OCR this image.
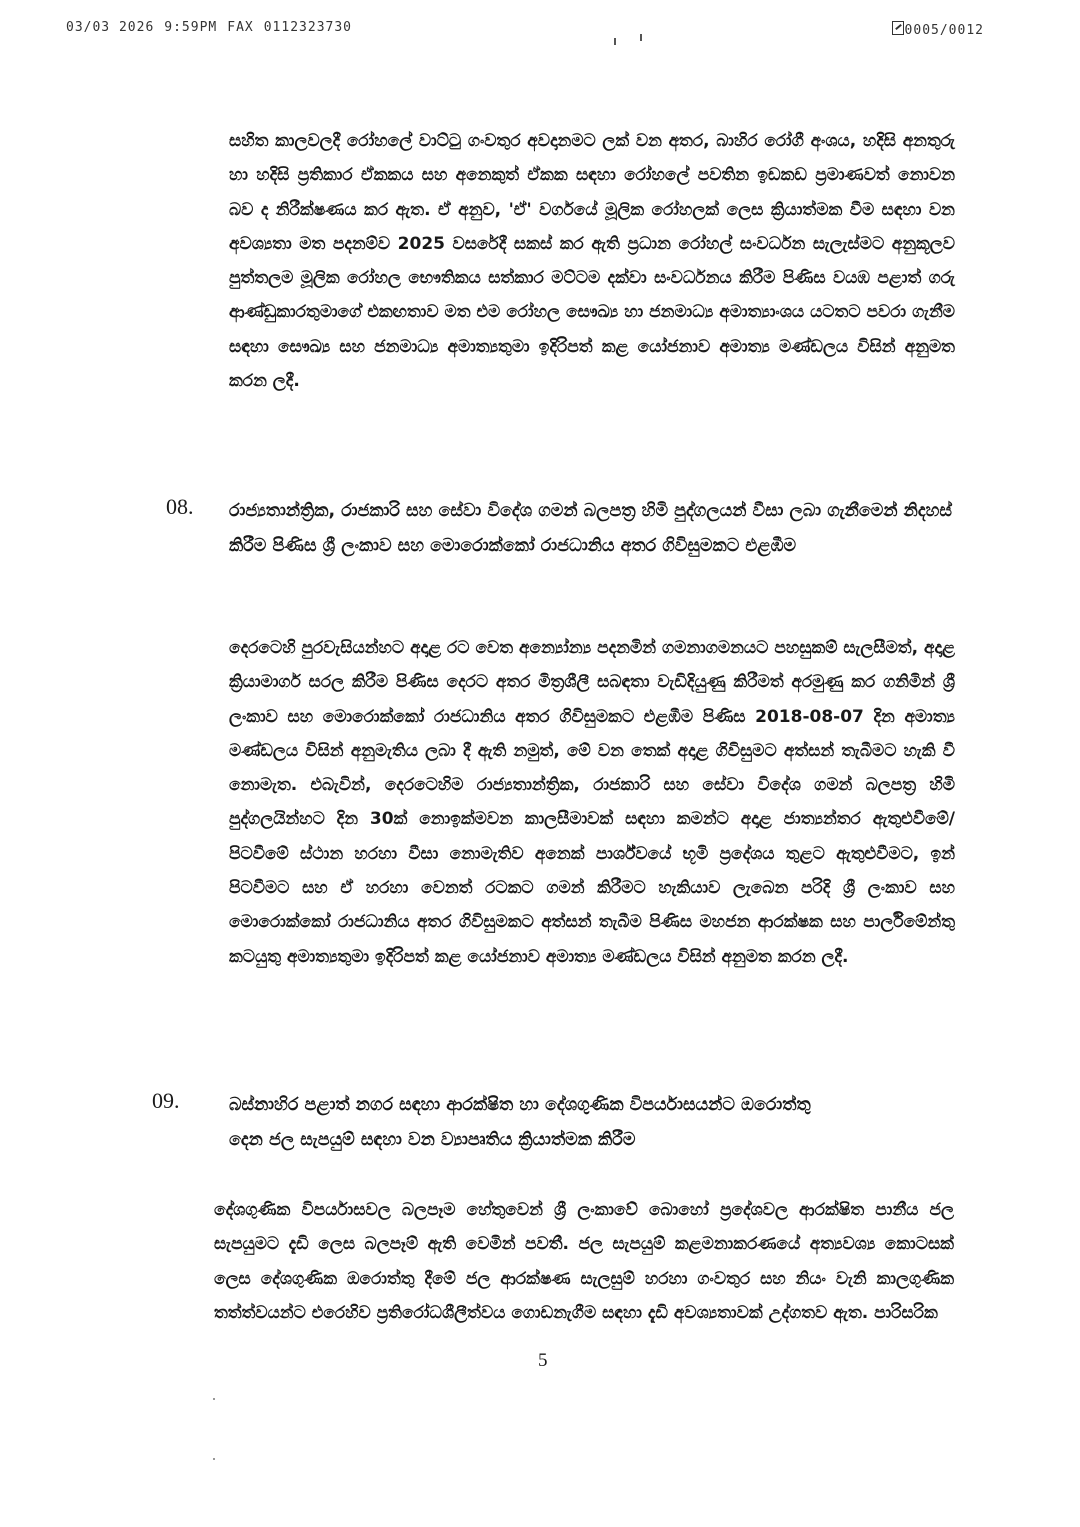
03/03 2026 9:59PM FAX 0112323730	0005/0012

සහිත කාලවලදී රෝහලේ වාට්ටු ගංවතුර අවදානමට ලක් වන අතර, බාහිර රෝගී අංශය, හදිසි අනතුරු හා හදිසි ප්‍රතිකාර ඒකකය සහ අනෙකුත් ඒකක සඳහා රෝහලේ පවතින ඉඩකඩ ප්‍රමාණවත් නොවන බව ද නිරීක්ෂණය කර ඇත. ඒ අනුව, 'ඒ' වර්ගයේ මූලික රෝහලක් ලෙස ක්‍රියාත්මක වීම සඳහා වන අවශ්‍යතා මත පදනම්ව 2025 වසරේදී සකස් කර ඇති ප්‍රධාන රෝහල් සංවර්ධන සැලැස්මට අනුකූලව පුත්තලම මූලික රෝහල භෞතිකය සත්කාර මට්ටම දක්වා සංවර්ධනය කිරීම පිණිස වයඹ පළාත් ගරු ආණ්ඩුකාරතුමාගේ එකඟතාව මත එම රෝහල සෞඛ්‍ය හා ජනමාධ්‍ය අමාත්‍යාංශය යටතට පවරා ගැනීම සඳහා සෞඛ්‍ය සහ ජනමාධ්‍ය අමාත්‍යතුමා ඉදිරිපත් කළ යෝජනාව අමාත්‍ය මණ්ඩලය විසින් අනුමත කරන ලදී.

08. රාජ්‍යතාන්ත්‍රික, රාජකාරි සහ සේවා විදේශ ගමන් බලපත්‍ර හිමි පුද්ගලයන් වීසා ලබා ගැනීමෙන් නිදහස් කිරීම පිණිස ශ්‍රී ලංකාව සහ මොරොක්කෝ රාජධානිය අතර ගිවිසුමකට එළඹීම

දෙරටෙහි පුරවැසියන්හට අදාළ රට වෙත අන්‍යෝන්‍ය පදනමින් ගමනාගමනයට පහසුකම් සැලසීමත්, අදාළ ක්‍රියාමාර්ග සරල කිරීම පිණිස දෙරට අතර මිත්‍රශීලී සබඳතා වැඩිදියුණු කිරීමත් අරමුණු කර ගනිමින් ශ්‍රී ලංකාව සහ මොරොක්කෝ රාජධානිය අතර ගිවිසුමකට එළඹීම පිණිස 2018-08-07 දින අමාත්‍ය මණ්ඩලය විසින් අනුමැතිය ලබා දී ඇති නමුත්, මේ වන තෙක් අදාළ ගිවිසුමට අත්සන් තැබීමට හැකි වී නොමැත. එබැවින්, දෙරටෙහිම රාජ්‍යතාන්ත්‍රික, රාජකාරි සහ සේවා විදේශ ගමන් බලපත්‍ර හිමි පුද්ගලයින්හට දින 30ක් නොඉක්මවන කාලසීමාවක් සඳහා කමන්ට අදාළ ජාත්‍යන්තර ඇතුළුවීමේ/පිටවීමේ ස්ථාන හරහා වීසා නොමැතිව අනෙක් පාර්ශ්වයේ භූමි ප්‍රදේශය තුළට ඇතුළුවීමට, ඉන් පිටවීමට සහ ඒ හරහා වෙනත් රටකට ගමන් කිරීමට හැකියාව ලැබෙන පරිදි ශ්‍රී ලංකාව සහ මොරොක්කෝ රාජධානිය අතර ගිවිසුමකට අත්සන් තැබීම පිණිස මහජන ආරක්ෂක සහ පාර්ලිමේන්තු කටයුතු අමාත්‍යතුමා ඉදිරිපත් කළ යෝජනාව අමාත්‍ය මණ්ඩලය විසින් අනුමත කරන ලදී.

09.	බස්නාහිර පළාත් නගර සඳහා ආරක්ෂිත හා දේශගුණික විපර්යාසයන්ට ඔරොත්තු දෙන ජල සැපයුම් සඳහා වන ව්‍යාපෘතිය ක්‍රියාත්මක කිරීම

දේශගුණික විපර්යාසවල බලපෑම හේතුවෙන් ශ්‍රී ලංකාවේ බොහෝ ප්‍රදේශවල ආරක්ෂිත පානීය ජල සැපයුමට දැඩි ලෙස බලපෑම් ඇති වෙමින් පවතී. ජල සැපයුම් කළමනාකරණයේ අත්‍යවශ්‍ය කොටසක් ලෙස දේශගුණික ඔරොත්තු දීමේ ජල ආරක්ෂණ සැලසුම් හරහා ගංවතුර සහ නියං වැනි කාලගුණික තත්ත්වයන්ට එරෙහිව ප්‍රතිරෝධශීලීත්වය ගොඩනැගීම සඳහා දැඩි අවශ්‍යතාවක් උද්ගතව ඇත. පාරිසරික

5
